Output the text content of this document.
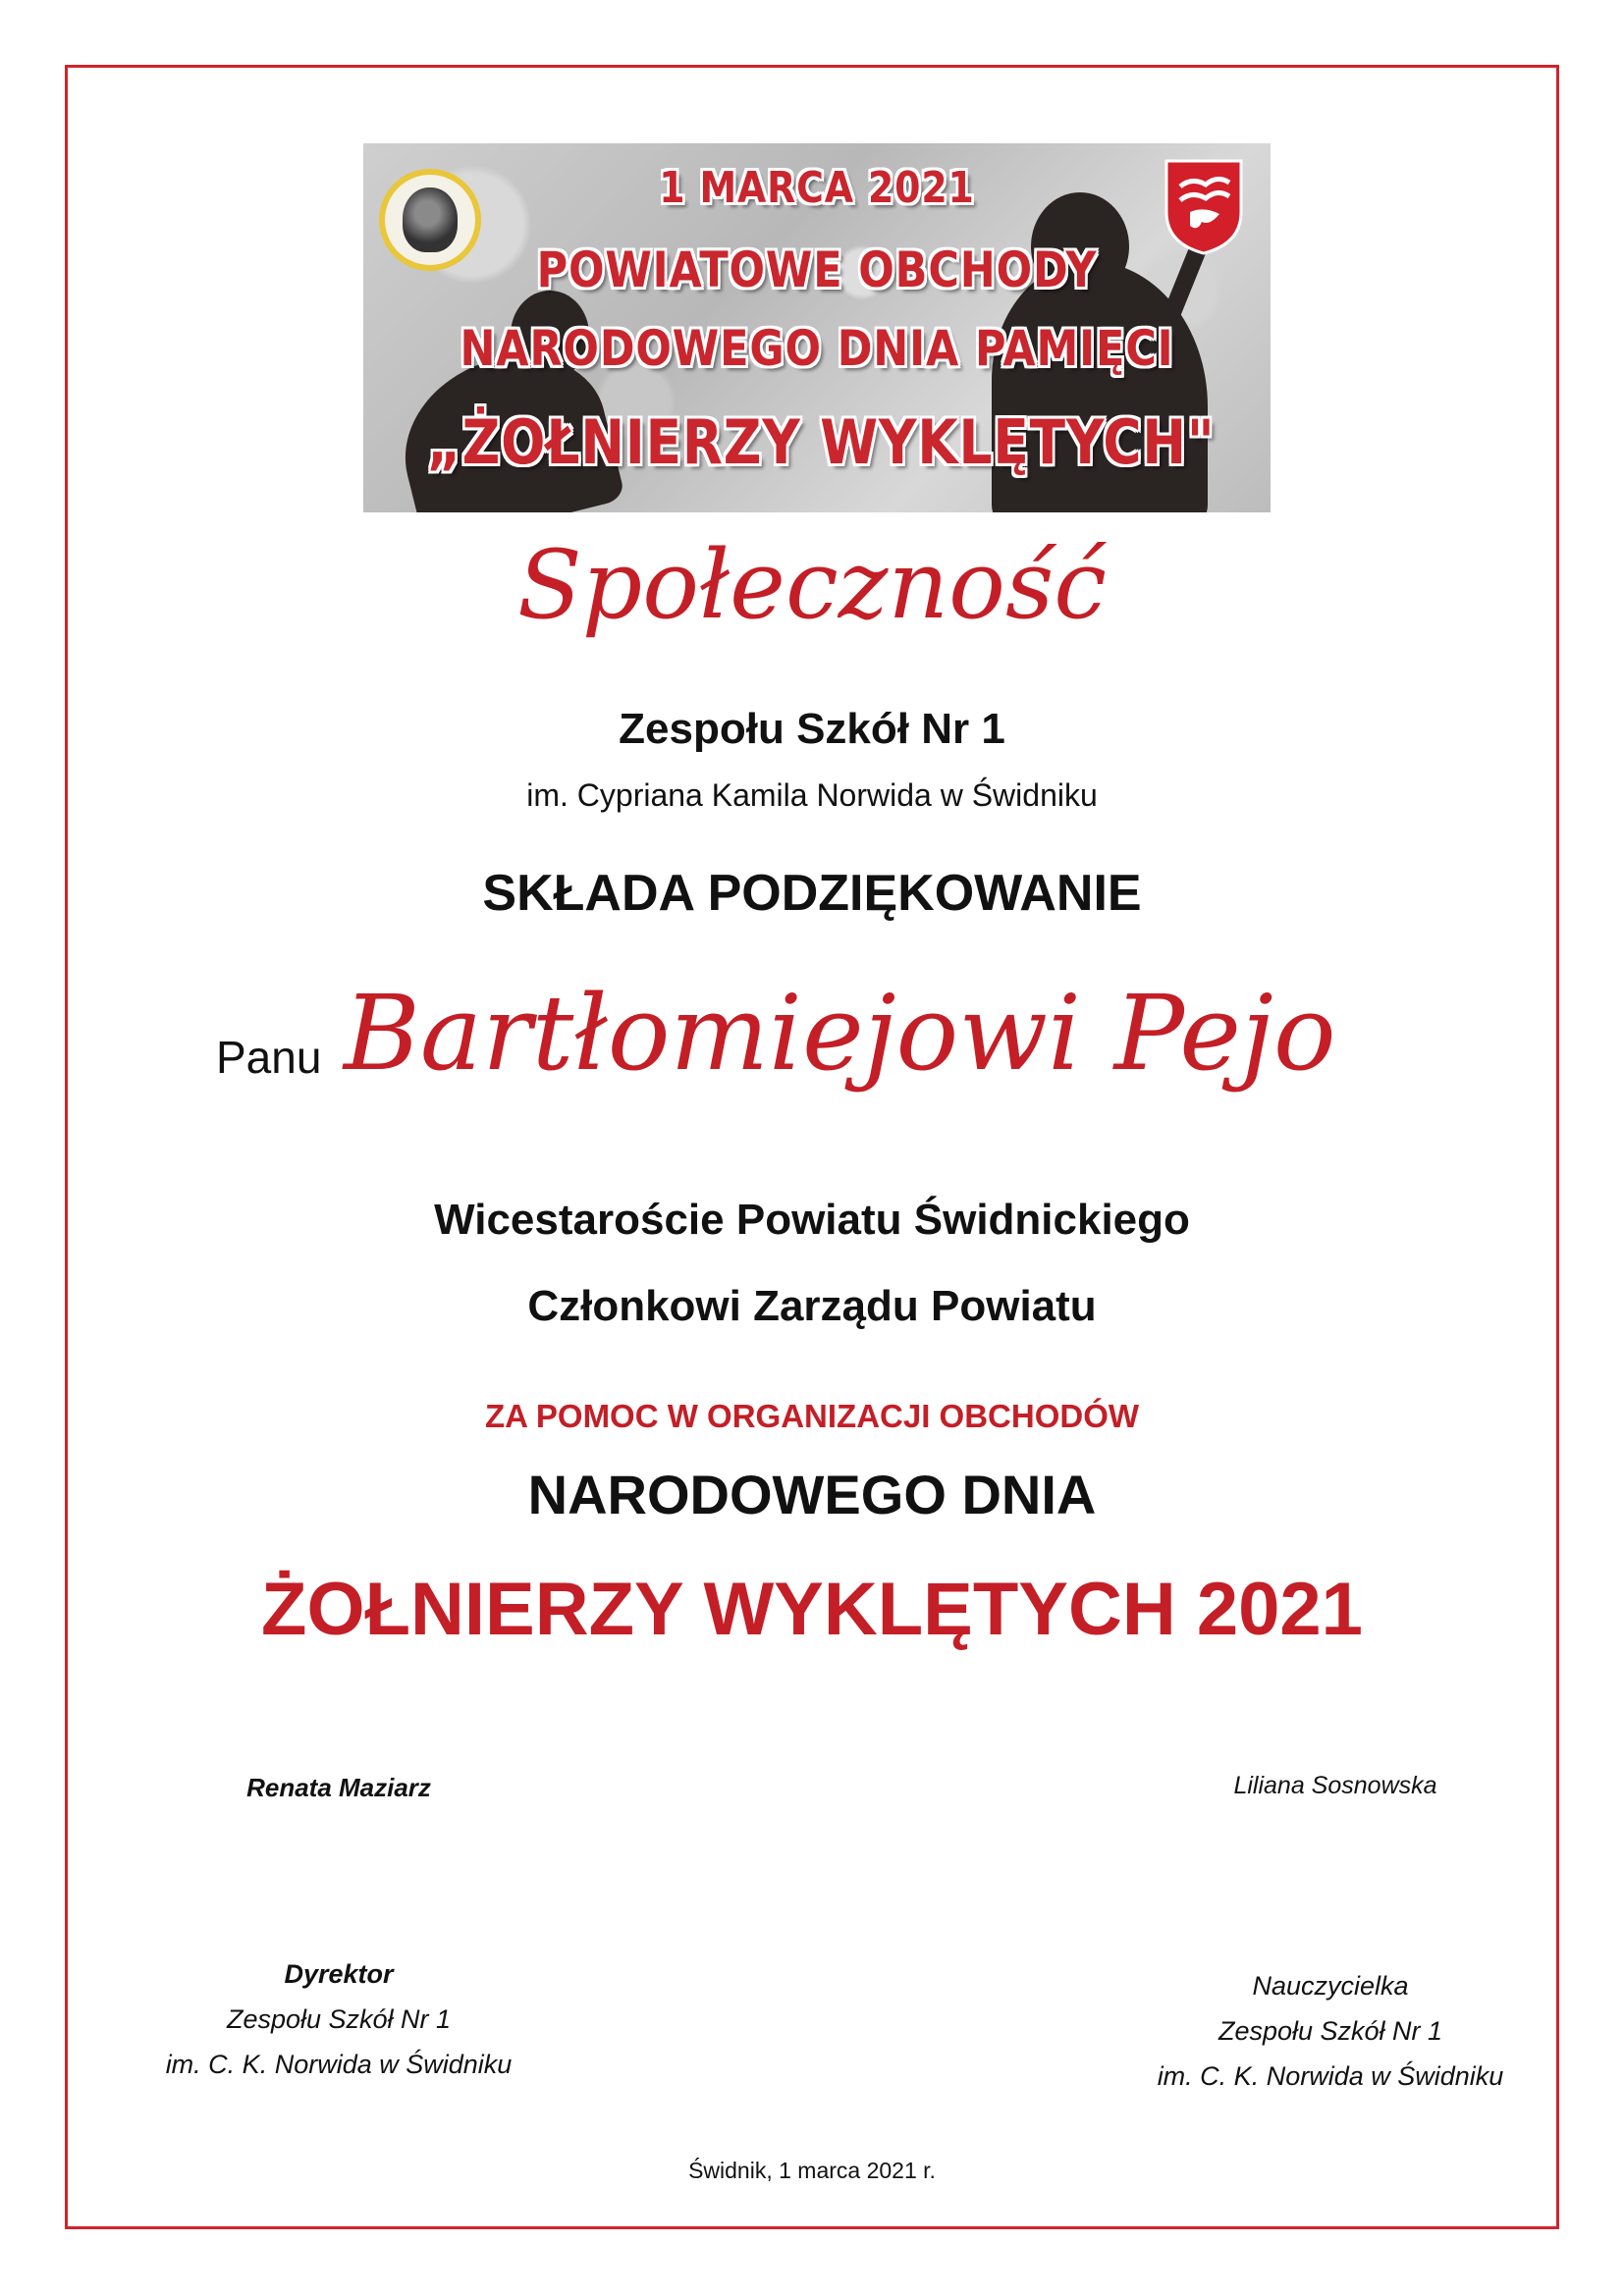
1 MARCA 2021
POWIATOWE OBCHODY
NARODOWEGO DNIA PAMIĘCI
„ŻOŁNIERZY WYKLĘTYCH"
Społeczność
Zespołu Szkół Nr 1
im. Cypriana Kamila Norwida w Świdniku
SKŁADA PODZIĘKOWANIE
Panu Bartłomiejowi Pejo
Wicestaroście Powiatu Świdnickiego
Członkowi Zarządu Powiatu
ZA POMOC W ORGANIZACJI OBCHODÓW
NARODOWEGO DNIA
ŻOŁNIERZY WYKLĘTYCH 2021
Renata Maziarz	Liliana Sosnowska
Dyrektor
Zespołu Szkół Nr 1
im. C. K. Norwida w Świdniku
Nauczycielka
Zespołu Szkół Nr 1
im. C. K. Norwida w Świdniku
Świdnik, 1 marca 2021 r.
